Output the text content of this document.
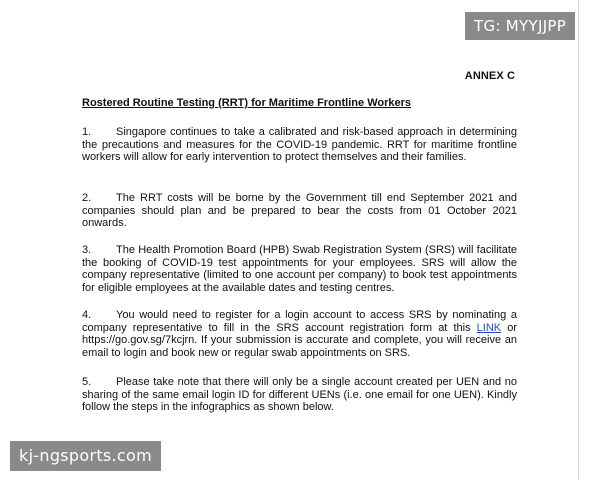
ANNEX C
Rostered Routine Testing (RRT) for Maritime Frontline Workers
1. Singapore continues to take a calibrated and risk-based approach in determining the precautions and measures for the COVID-19 pandemic. RRT for maritime frontline workers will allow for early intervention to protect themselves and their families.
2. The RRT costs will be borne by the Government till end September 2021 and companies should plan and be prepared to bear the costs from 01 October 2021 onwards.
3. The Health Promotion Board (HPB) Swab Registration System (SRS) will facilitate the booking of COVID-19 test appointments for your employees. SRS will allow the company representative (limited to one account per company) to book test appointments for eligible employees at the available dates and testing centres.
4. You would need to register for a login account to access SRS by nominating a company representative to fill in the SRS account registration form at this LINK or https://go.gov.sg/7kcjrn. If your submission is accurate and complete, you will receive an email to login and book new or regular swab appointments on SRS.
5. Please take note that there will only be a single account created per UEN and no sharing of the same email login ID for different UENs (i.e. one email for one UEN). Kindly follow the steps in the infographics as shown below.
TG: MYYJJPP
kj-ngsports.com
